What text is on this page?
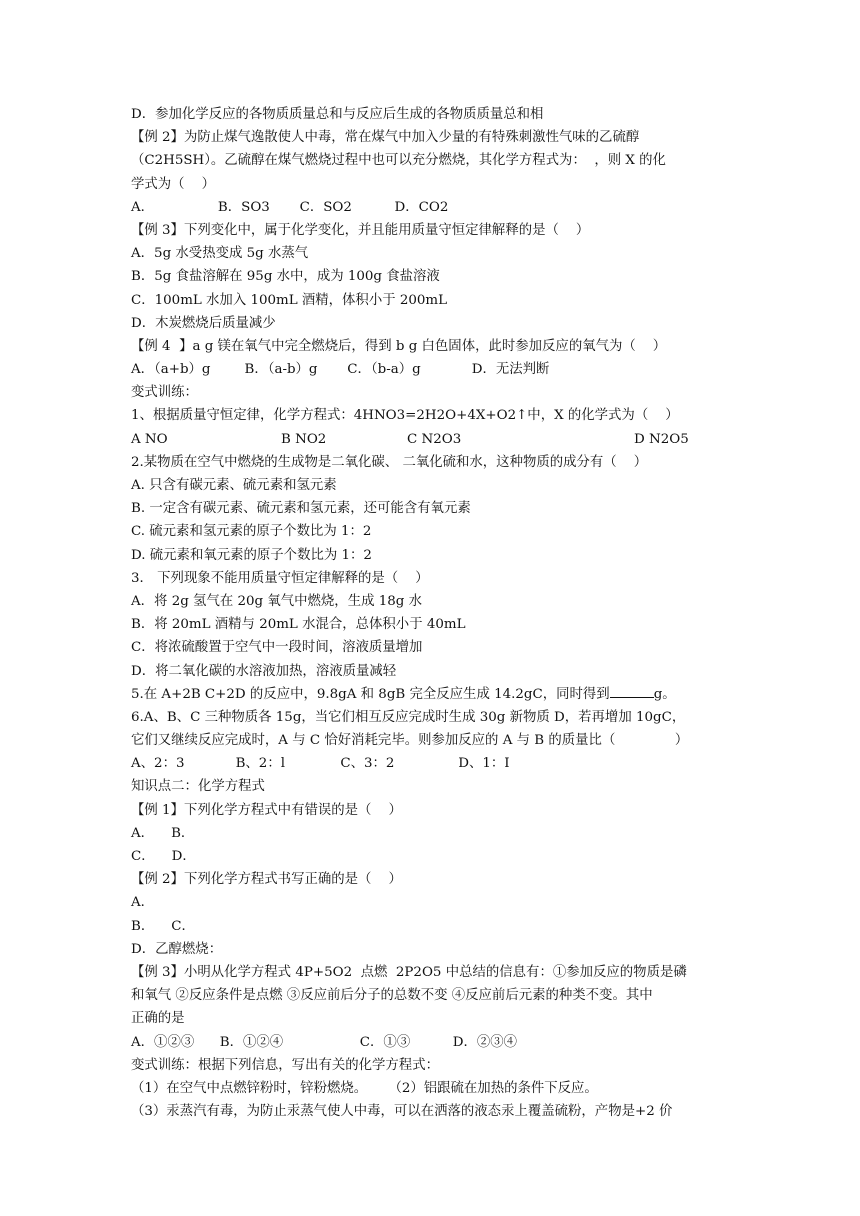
D．参加化学反应的各物质质量总和与反应后生成的各物质质量总和相
【例 2】为防止煤气逸散使人中毒，常在煤气中加入少量的有特殊刺激性气味的乙硫醇
（C2H5SH）。乙硫醇在煤气燃烧过程中也可以充分燃烧，其化学方程式为：  ，则 X 的化
学式为（    ）
A．               B．SO3       C．SO2          D．CO2
【例 3】下列变化中，属于化学变化，并且能用质量守恒定律解释的是（    ）
A．5g 水受热变成 5g 水蒸气
B．5g 食盐溶解在 95g 水中，成为 100g 食盐溶液
C．100mL 水加入 100mL 酒精，体积小于 200mL
D．木炭燃烧后质量减少
【例 4  】a g 镁在氧气中完全燃烧后，得到 b g 白色固体，此时参加反应的氧气为（    ）
A．（a+b）g        B．（a-b）g       C．（b-a）g            D．无法判断
变式训练：
1、根据质量守恒定律，化学方程式：4HNO3=2H2O+4X+O2↑中，X 的化学式为（    ）
A NO	B NO2	C N2O3	D N2O5
2.某物质在空气中燃烧的生成物是二氧化碳、 二氧化硫和水，这种物质的成分有（    ）
A. 只含有碳元素、硫元素和氢元素
B. 一定含有碳元素、硫元素和氢元素，还可能含有氧元素
C. 硫元素和氢元素的原子个数比为 1：2
D. 硫元素和氧元素的原子个数比为 1：2
3． 下列现象不能用质量守恒定律解释的是（    ）
A．将 2g 氢气在 20g 氧气中燃烧，生成 18g 水
B．将 20mL 酒精与 20mL 水混合，总体积小于 40mL
C．将浓硫酸置于空气中一段时间，溶液质量增加
D．将二氧化碳的水溶液加热，溶液质量减轻
5.在 A+2B C+2D 的反应中，9.8gA 和 8gB 完全反应生成 14.2gC，同时得到	g。
6.A、B、C 三种物质各 15g，当它们相互反应完成时生成 30g 新物质 D，若再增加 10gC，
它们又继续反应完成时，A 与 C 恰好消耗完毕。则参加反应的 A 与 B 的质量比（              ）
A、2：3            B、2：l             C、3：2               D、1：I
知识点二：化学方程式
【例 1】下列化学方程式中有错误的是（    ）
A．    B．
C．    D．
【例 2】下列化学方程式书写正确的是（    ）
A．
B．    C．
D．乙醇燃烧：
【例 3】小明从化学方程式 4P+5O2  点燃  2P2O5 中总结的信息有：①参加反应的物质是磷
和氧气 ②反应条件是点燃 ③反应前后分子的总数不变 ④反应前后元素的种类不变。其中
正确的是
A．①②③      B．①②④                  C．①③          D．②③④
变式训练：根据下列信息，写出有关的化学方程式：
（1）在空气中点燃锌粉时，锌粉燃烧。     （2）铝跟硫在加热的条件下反应。
（3）汞蒸汽有毒，为防止汞蒸气使人中毒，可以在洒落的液态汞上覆盖硫粉，产物是+2 价
